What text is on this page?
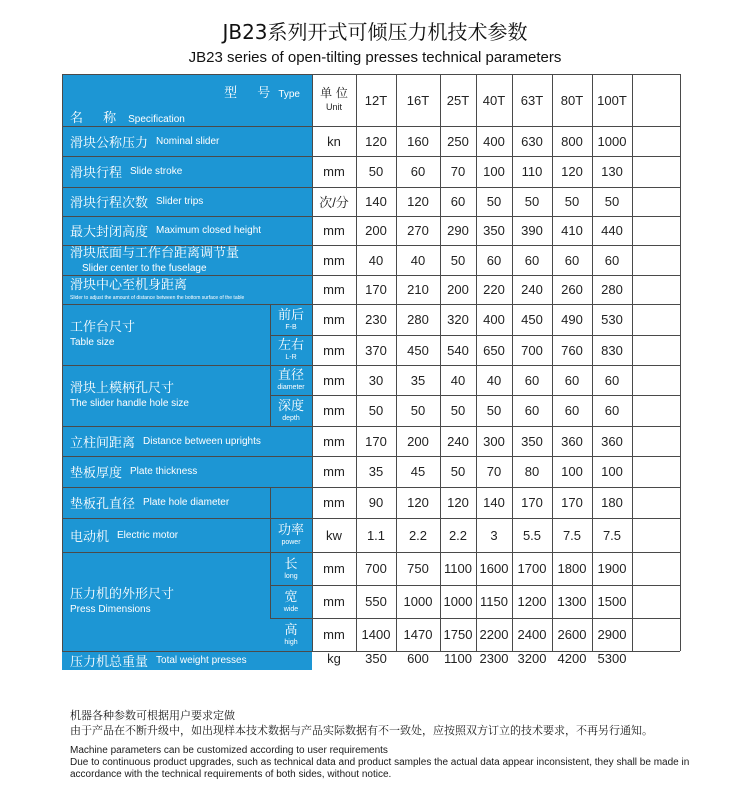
JB23系列开式可倾压力机技术参数
JB23 series of open-tilting presses technical parameters
型 号Type
名 称 Specification
单 位
Unit	12T	16T	25T	40T	63T	80T	100T
滑块公称压力 Nominal slider	kn	120	160	250	400	630	800	1000
滑块行程 Slide stroke	mm	50	60	70	100	110	120	130
滑块行程次数 Slider trips	次/分	140	120	60	50	50	50	50
最大封闭高度 Maximum closed height	mm	200	270	290	350	390	410	440
滑块底面与工作台距离调节量
Slider center to the fuselage
mm	40	40	50	60	60	60	60
滑块中心至机身距离
Slider to adjust the amount of distance between the bottom surface of the table
mm	170	210	200	220	240	260	280
工作台尺寸
Table size
前后
F-B	mm	230	280	320	400	450	490	530
左右
L-R	mm	370	450	540	650	700	760	830
滑块上模柄孔尺寸
The slider handle hole size
直径
diameter	mm	30	35	40	40	60	60	60
深度
depth	mm	50	50	50	50	60	60	60
立柱间距离 Distance between uprights	mm	170	200	240	300	350	360	360
垫板厚度 Plate thickness	mm	35	45	50	70	80	100	100
垫板孔直径 Plate hole diameter	mm	90	120	120	140	170	170	180
电动机 Electric motor	功率
power	kw	1.1	2.2	2.2	3	5.5	7.5	7.5
压力机的外形尺寸
Press Dimensions
长
long	mm	700	750	1100 1600 1700 1800 1900
宽
wide	mm	550	1000 1000 1150 1200 1300 1500
高
high	mm	1400	1470 1750 2200 2400 2600 2900
压力机总重量 Total weight presses	kg	350	600	1100 2300 3200 4200 5300
机器各种参数可根据用户要求定做
由于产品在不断升级中，如出现样本技术数据与产品实际数据有不一致处，应按照双方订立的技术要求，不再另行通知。
Machine parameters can be customized according to user requirements
Due to continuous product upgrades, such as technical data and product samples the actual data appear inconsistent, they shall be made in accordance with the technical requirements of both sides, without notice.
